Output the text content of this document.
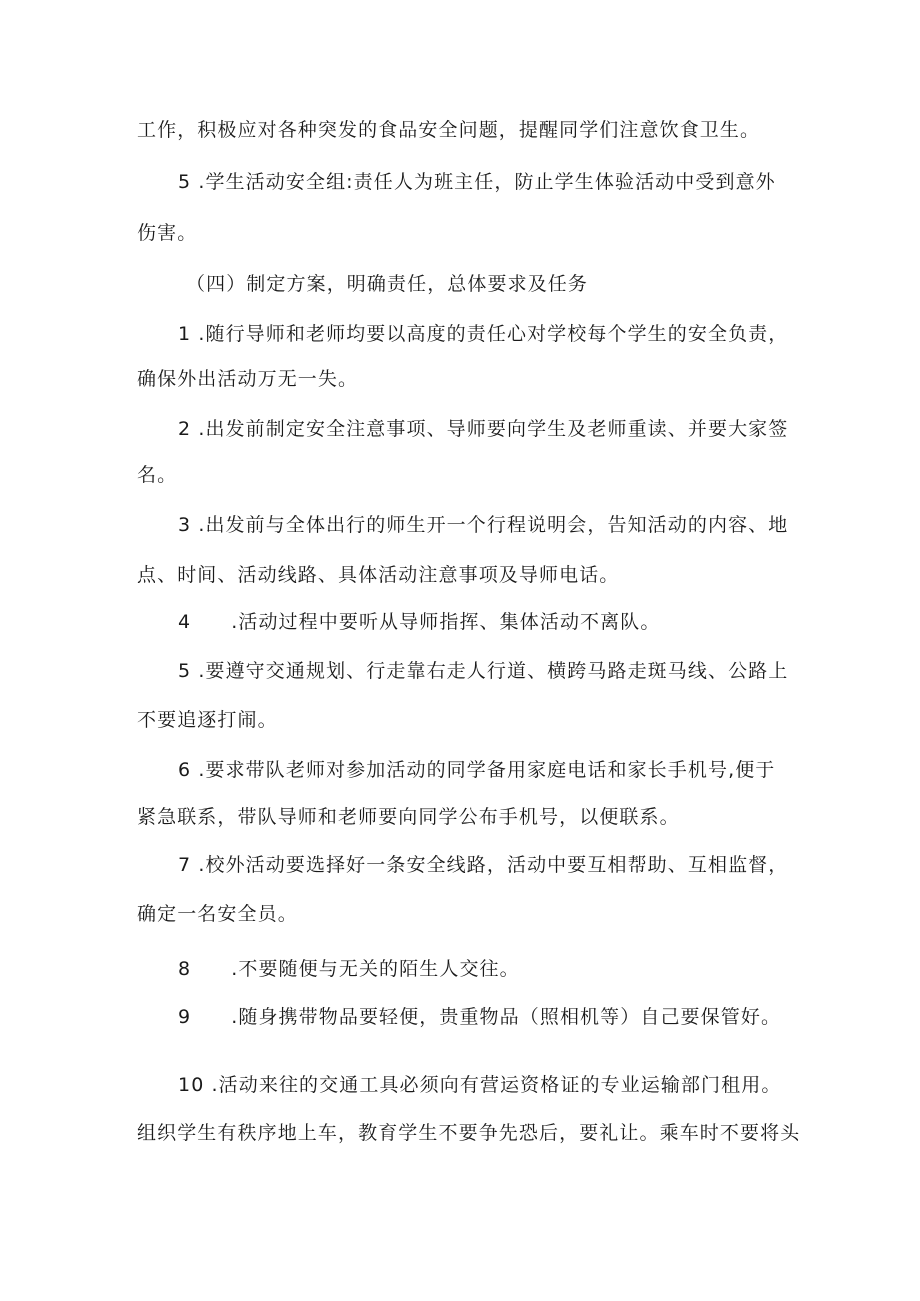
工作，积极应对各种突发的食品安全问题，提醒同学们注意饮食卫生。
5 .学生活动安全组:责任人为班主任，防止学生体验活动中受到意外
伤害。
（四）制定方案，明确责任，总体要求及任务
1 .随行导师和老师均要以高度的责任心对学校每个学生的安全负责，
确保外出活动万无一失。
2 .出发前制定安全注意事项、导师要向学生及老师重读、并要大家签
名。
3 .出发前与全体出行的师生开一个行程说明会，告知活动的内容、地
点、时间、活动线路、具体活动注意事项及导师电话。
4 .活动过程中要听从导师指挥、集体活动不离队。
5 .要遵守交通规划、行走靠右走人行道、横跨马路走斑马线、公路上
不要追逐打闹。
6 .要求带队老师对参加活动的同学备用家庭电话和家长手机号,便于
紧急联系，带队导师和老师要向同学公布手机号，以便联系。
7 .校外活动要选择好一条安全线路，活动中要互相帮助、互相监督，
确定一名安全员。
8 .不要随便与无关的陌生人交往。
9 .随身携带物品要轻便，贵重物品（照相机等）自己要保管好。
10 .活动来往的交通工具必须向有营运资格证的专业运输部门租用。
组织学生有秩序地上车，教育学生不要争先恐后，要礼让。乘车时不要将头
